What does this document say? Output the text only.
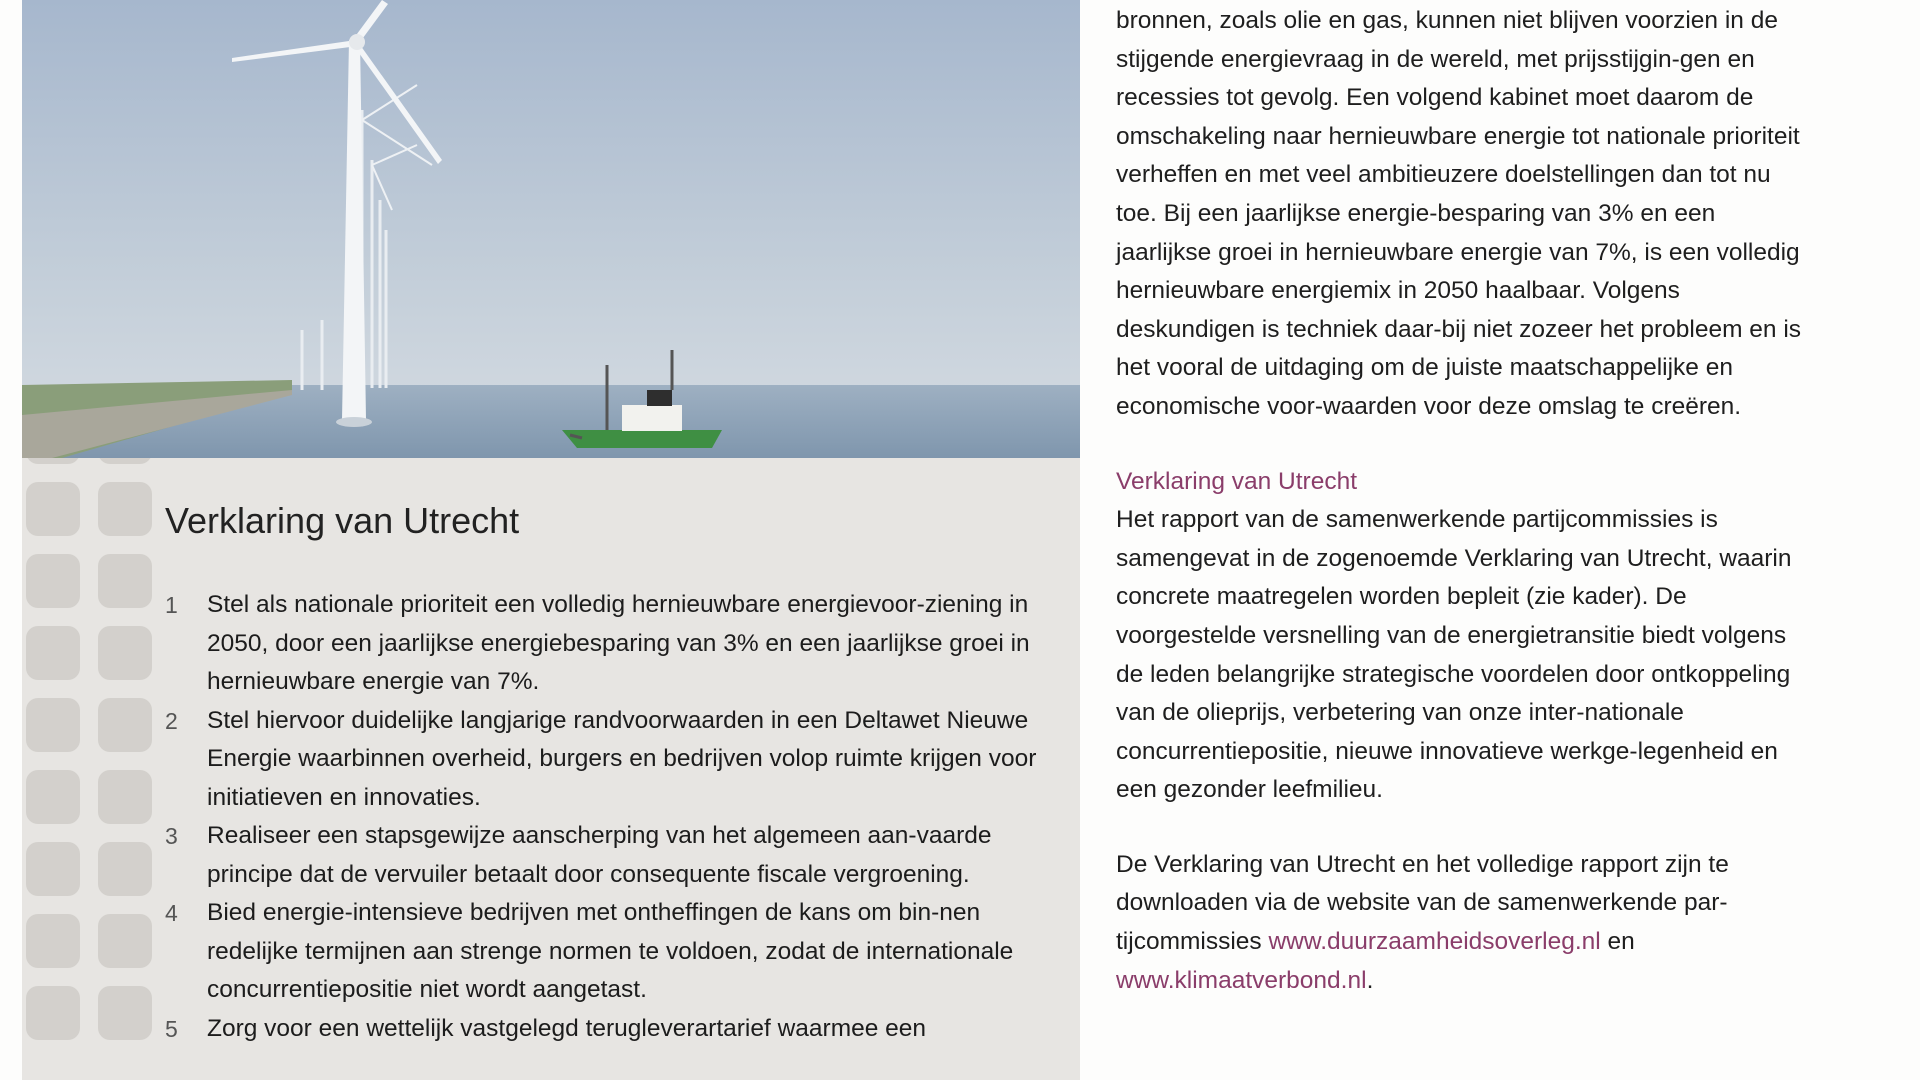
Verklaring van Utrecht
1	Stel als nationale prioriteit een volledig hernieuwbare energievoor-ziening in 2050, door een jaarlijkse energiebesparing van 3% en een jaarlijkse groei in hernieuwbare energie van 7%.
2	Stel hiervoor duidelijke langjarige randvoorwaarden in een Deltawet Nieuwe Energie waarbinnen overheid, burgers en bedrijven volop ruimte krijgen voor initiatieven en innovaties.
3	Realiseer een stapsgewijze aanscherping van het algemeen aan-vaarde principe dat de vervuiler betaalt door consequente fiscale vergroening.
4	Bied energie-intensieve bedrijven met ontheffingen de kans om bin-nen redelijke termijnen aan strenge normen te voldoen, zodat de internationale concurrentiepositie niet wordt aangetast.
5	Zorg voor een wettelijk vastgelegd terugleverartarief waarmee een

bronnen, zoals olie en gas, kunnen niet blijven voorzien in de stijgende energievraag in de wereld, met prijsstijgin-gen en recessies tot gevolg. Een volgend kabinet moet daarom de omschakeling naar hernieuwbare energie tot nationale prioriteit verheffen en met veel ambitieuzere doelstellingen dan tot nu toe. Bij een jaarlijkse energie-besparing van 3% en een jaarlijkse groei in hernieuwbare energie van 7%, is een volledig hernieuwbare energiemix in 2050 haalbaar. Volgens deskundigen is techniek daar-bij niet zozeer het probleem en is het vooral de uitdaging om de juiste maatschappelijke en economische voor-waarden voor deze omslag te creëren.

Verklaring van Utrecht

Het rapport van de samenwerkende partijcommissies is samengevat in de zogenoemde Verklaring van Utrecht, waarin concrete maatregelen worden bepleit (zie kader). De voorgestelde versnelling van de energietransitie biedt volgens de leden belangrijke strategische voordelen door ontkoppeling van de olieprijs, verbetering van onze inter-nationale concurrentiepositie, nieuwe innovatieve werkge-legenheid en een gezonder leefmilieu.

De Verklaring van Utrecht en het volledige rapport zijn te downloaden via de website van de samenwerkende par-tijcommissies www.duurzaamheidsoverleg.nl en www.klimaatverbond.nl.
